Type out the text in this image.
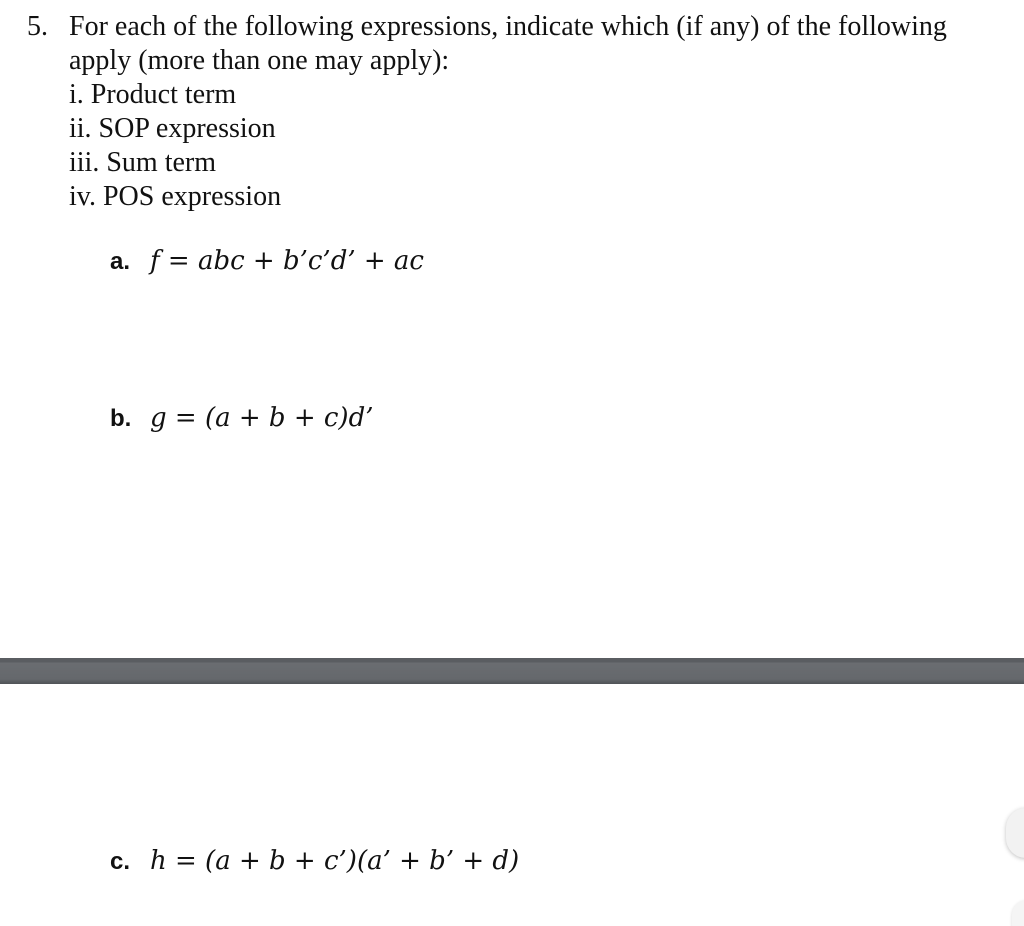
5. For each of the following expressions, indicate which (if any) of the following apply (more than one may apply):
i. Product term
ii. SOP expression
iii. Sum term
iv. POS expression
a. f = abc + b’c’d’ + ac
b. g = (a + b + c)d’
c. h = (a + b + c’)(a’ + b’ + d)
